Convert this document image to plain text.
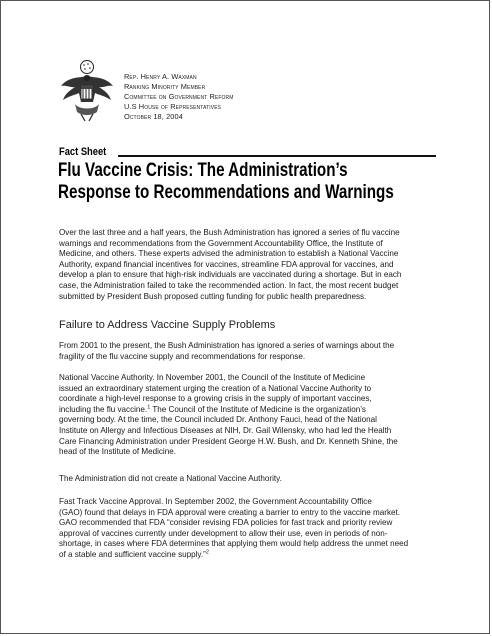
Rep. Henry A. Waxman
Ranking Minority Member
Committee on Government Reform
U.S House of Representatives
October 18, 2004
Fact Sheet
Flu Vaccine Crisis: The Administration’s
Response to Recommendations and Warnings
Over the last three and a half years, the Bush Administration has ignored a series of flu vaccine
warnings and recommendations from the Government Accountability Office, the Institute of
Medicine, and others. These experts advised the administration to establish a National Vaccine
Authority, expand financial incentives for vaccines, streamline FDA approval for vaccines, and
develop a plan to ensure that high-risk individuals are vaccinated during a shortage. But in each
case, the Administration failed to take the recommended action. In fact, the most recent budget
submitted by President Bush proposed cutting funding for public health preparedness.
Failure to Address Vaccine Supply Problems
From 2001 to the present, the Bush Administration has ignored a series of warnings about the
fragility of the flu vaccine supply and recommendations for response.
National Vaccine Authority. In November 2001, the Council of the Institute of Medicine
issued an extraordinary statement urging the creation of a National Vaccine Authority to
coordinate a high-level response to a growing crisis in the supply of important vaccines,
including the flu vaccine.$^1$ The Council of the Institute of Medicine is the organization’s
governing body. At the time, the Council included Dr. Anthony Fauci, head of the National
Institute on Allergy and Infectious Diseases at NIH, Dr. Gail Wilensky, who had led the Health
Care Financing Administration under President George H.W. Bush, and Dr. Kenneth Shine, the
head of the Institute of Medicine.
The Administration did not create a National Vaccine Authority.
Fast Track Vaccine Approval. In September 2002, the Government Accountability Office
(GAO) found that delays in FDA approval were creating a barrier to entry to the vaccine market.
GAO recommended that FDA “consider revising FDA policies for fast track and priority review
approval of vaccines currently under development to allow their use, even in periods of non-
shortage, in cases where FDA determines that applying them would help address the unmet need
of a stable and sufficient vaccine supply.”$^2$
